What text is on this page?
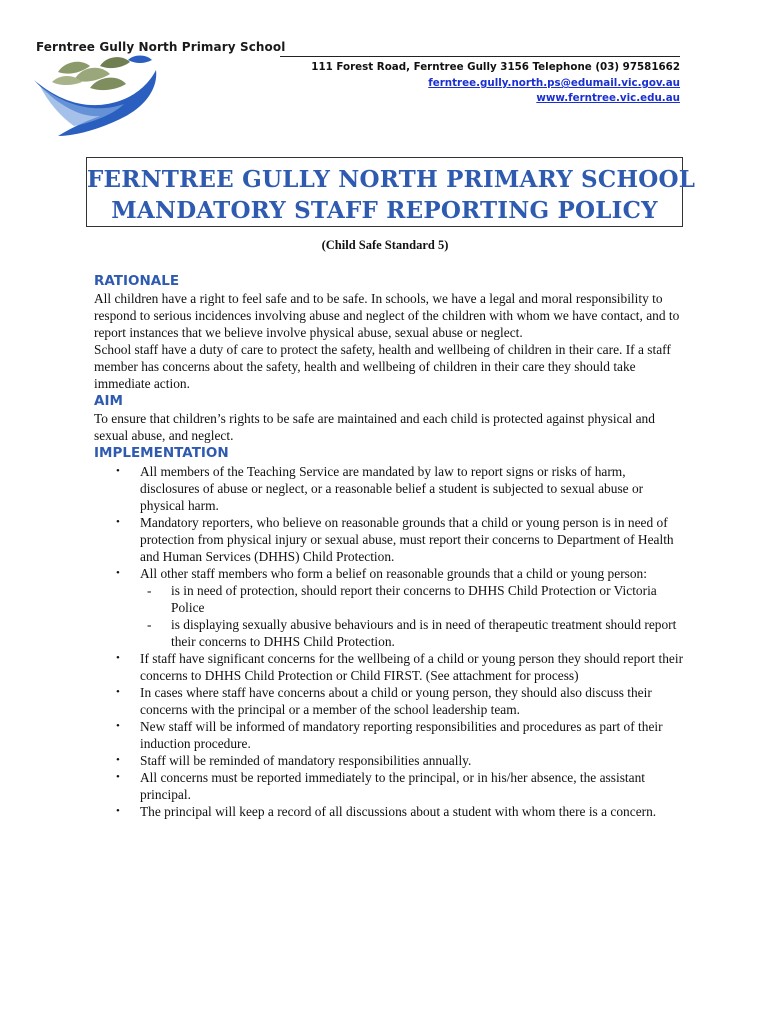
Ferntree Gully North Primary School
111 Forest Road, Ferntree Gully 3156 Telephone (03) 97581662
ferntree.gully.north.ps@edumail.vic.gov.au
www.ferntree.vic.edu.au
FERNTREE GULLY NORTH PRIMARY SCHOOL
MANDATORY STAFF REPORTING POLICY
(Child Safe Standard 5)
RATIONALE

All children have a right to feel safe and to be safe. In schools, we have a legal and moral responsibility to respond to serious incidences involving abuse and neglect of the children with whom we have contact, and to report instances that we believe involve physical abuse, sexual abuse or neglect.

School staff have a duty of care to protect the safety, health and wellbeing of children in their care. If a staff member has concerns about the safety, health and wellbeing of children in their care they should take immediate action.

AIM

To ensure that children’s rights to be safe are maintained and each child is protected against physical and sexual abuse, and neglect.

IMPLEMENTATION
• All members of the Teaching Service are mandated by law to report signs or risks of harm, disclosures of abuse or neglect, or a reasonable belief a student is subjected to sexual abuse or physical harm.
• Mandatory reporters, who believe on reasonable grounds that a child or young person is in need of protection from physical injury or sexual abuse, must report their concerns to Department of Health and Human Services (DHHS) Child Protection.
• All other staff members who form a belief on reasonable grounds that a child or young person:
- is in need of protection, should report their concerns to DHHS Child Protection or Victoria Police
- is displaying sexually abusive behaviours and is in need of therapeutic treatment should report their concerns to DHHS Child Protection.
• If staff have significant concerns for the wellbeing of a child or young person they should report their concerns to DHHS Child Protection or Child FIRST. (See attachment for process)
• In cases where staff have concerns about a child or young person, they should also discuss their concerns with the principal or a member of the school leadership team.
• New staff will be informed of mandatory reporting responsibilities and procedures as part of their induction procedure.
• Staff will be reminded of mandatory responsibilities annually.
• All concerns must be reported immediately to the principal, or in his/her absence, the assistant principal.
• The principal will keep a record of all discussions about a student with whom there is a concern.
